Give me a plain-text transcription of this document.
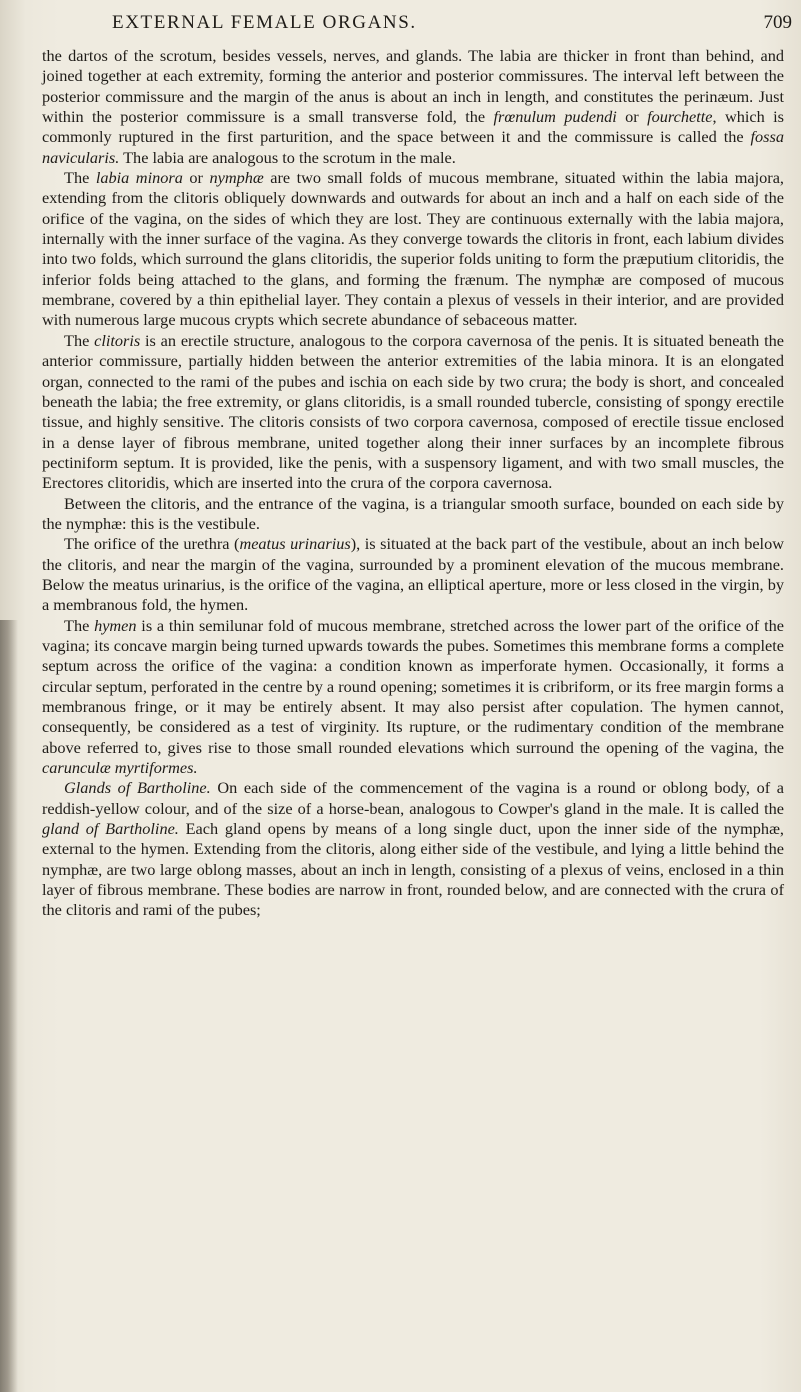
EXTERNAL FEMALE ORGANS.	709

the dartos of the scrotum, besides vessels, nerves, and glands. The labia are thicker in front than behind, and joined together at each extremity, forming the anterior and posterior commissures. The interval left between the posterior commissure and the margin of the anus is about an inch in length, and constitutes the perinæum. Just within the posterior commissure is a small transverse fold, the frœnulum pudendi or fourchette, which is commonly ruptured in the first parturition, and the space between it and the commissure is called the fossa navicularis. The labia are analogous to the scrotum in the male.

The labia minora or nymphæ are two small folds of mucous membrane, situated within the labia majora, extending from the clitoris obliquely downwards and outwards for about an inch and a half on each side of the orifice of the vagina, on the sides of which they are lost. They are continuous externally with the labia majora, internally with the inner surface of the vagina. As they converge towards the clitoris in front, each labium divides into two folds, which surround the glans clitoridis, the superior folds uniting to form the præputium clitoridis, the inferior folds being attached to the glans, and forming the frænum. The nymphæ are composed of mucous membrane, covered by a thin epithelial layer. They contain a plexus of vessels in their interior, and are provided with numerous large mucous crypts which secrete abundance of sebaceous matter.

The clitoris is an erectile structure, analogous to the corpora cavernosa of the penis. It is situated beneath the anterior commissure, partially hidden between the anterior extremities of the labia minora. It is an elongated organ, connected to the rami of the pubes and ischia on each side by two crura; the body is short, and concealed beneath the labia; the free extremity, or glans clitoridis, is a small rounded tubercle, consisting of spongy erectile tissue, and highly sensitive. The clitoris consists of two corpora cavernosa, composed of erectile tissue enclosed in a dense layer of fibrous membrane, united together along their inner surfaces by an incomplete fibrous pectiniform septum. It is provided, like the penis, with a suspensory ligament, and with two small muscles, the Erectores clitoridis, which are inserted into the crura of the corpora cavernosa.

Between the clitoris, and the entrance of the vagina, is a triangular smooth surface, bounded on each side by the nymphæ: this is the vestibule.

The orifice of the urethra (meatus urinarius), is situated at the back part of the vestibule, about an inch below the clitoris, and near the margin of the vagina, surrounded by a prominent elevation of the mucous membrane. Below the meatus urinarius, is the orifice of the vagina, an elliptical aperture, more or less closed in the virgin, by a membranous fold, the hymen.

The hymen is a thin semilunar fold of mucous membrane, stretched across the lower part of the orifice of the vagina; its concave margin being turned upwards towards the pubes. Sometimes this membrane forms a complete septum across the orifice of the vagina: a condition known as imperforate hymen. Occasionally, it forms a circular septum, perforated in the centre by a round opening; sometimes it is cribriform, or its free margin forms a membranous fringe, or it may be entirely absent. It may also persist after copulation. The hymen cannot, consequently, be considered as a test of virginity. Its rupture, or the rudimentary condition of the membrane above referred to, gives rise to those small rounded elevations which surround the opening of the vagina, the carunculæ myrtiformes.

Glands of Bartholine. On each side of the commencement of the vagina is a round or oblong body, of a reddish-yellow colour, and of the size of a horse-bean, analogous to Cowper's gland in the male. It is called the gland of Bartholine. Each gland opens by means of a long single duct, upon the inner side of the nymphæ, external to the hymen. Extending from the clitoris, along either side of the vestibule, and lying a little behind the nymphæ, are two large oblong masses, about an inch in length, consisting of a plexus of veins, enclosed in a thin layer of fibrous membrane. These bodies are narrow in front, rounded below, and are connected with the crura of the clitoris and rami of the pubes;
